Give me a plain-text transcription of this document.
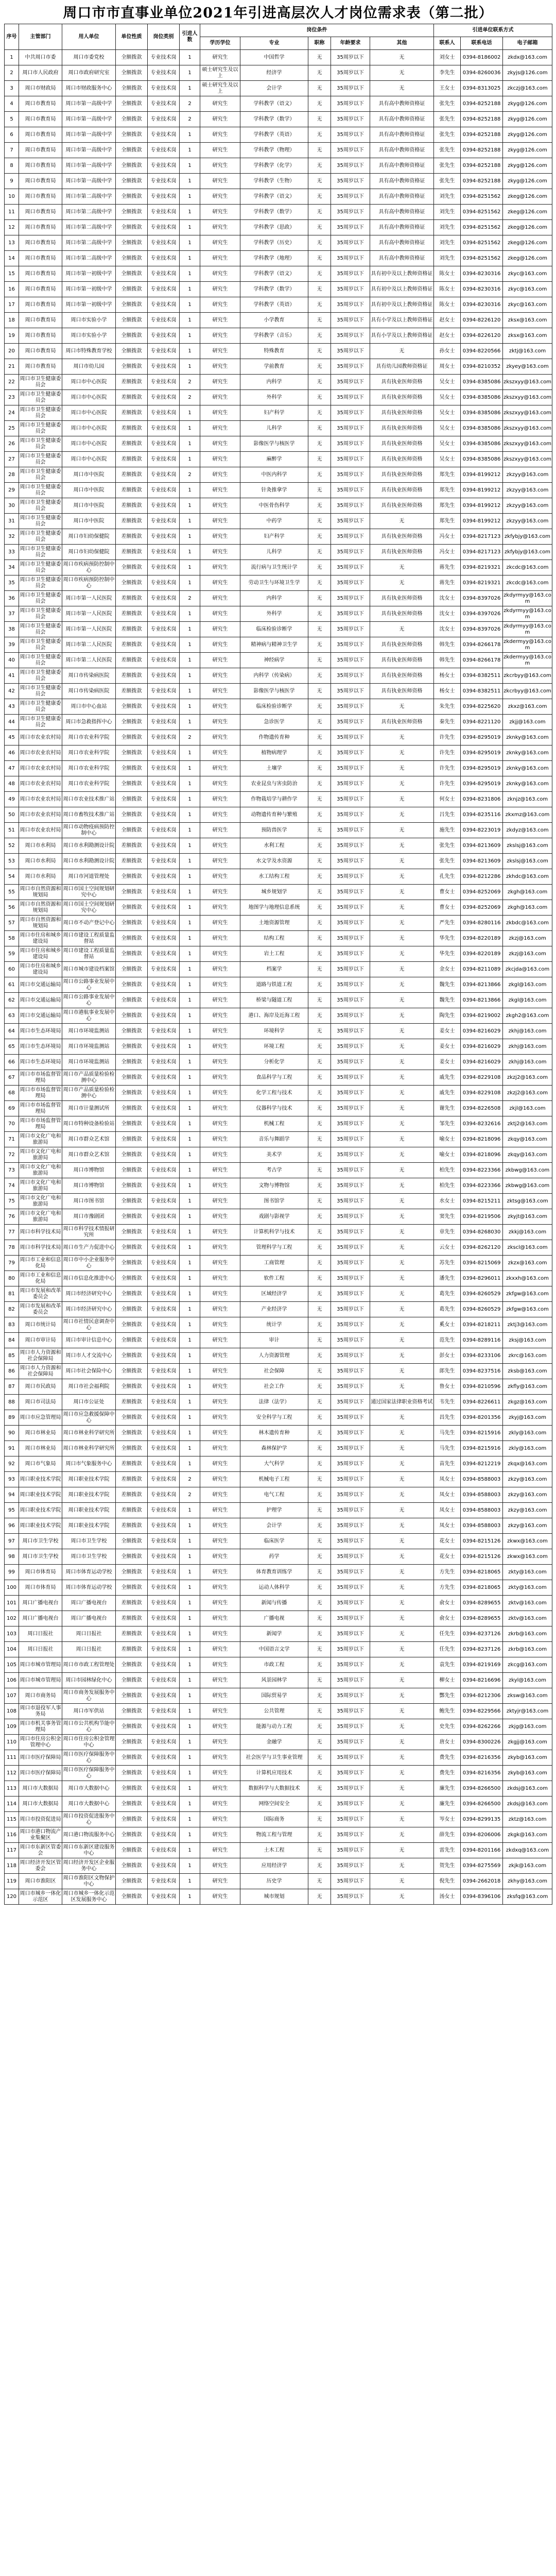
周口市市直事业单位2021年引进高层次人才岗位需求表（第二批）
序号	主管部门	用人单位	单位性质	岗位类别	引进人数	岗位条件					引进单位联系方式		
						学历学位	专业	职称	年龄要求	其他	联系人	联系电话	电子邮箱
1	中共周口市委	周口市委党校	全额拨款	专业技术岗	1	研究生	中国哲学	无	35周岁以下	无	刘女士	0394-8186002	zkdx@163.com
2	周口市人民政府	周口市政府研究室	全额拨款	专业技术岗	1	硕士研究生及以上	经济学	无	35周岁以下	无	李先生	0394-8260036	zkyjs@126.com
3	周口市财政局	周口市财政服务中心	全额拨款	专业技术岗	1	硕士研究生及以上	会计学	无	35周岁以下	无	王女士	0394-8313025	zkczj@163.com
4	周口市教育局	周口市第一高级中学	全额拨款	专业技术岗	2	研究生	学科教学（语文）	无	35周岁以下	具有高中教师资格证	张先生	0394-8252188	zkyg@126.com
5	周口市教育局	周口市第一高级中学	全额拨款	专业技术岗	2	研究生	学科教学（数学）	无	35周岁以下	具有高中教师资格证	张先生	0394-8252188	zkyg@126.com
6	周口市教育局	周口市第一高级中学	全额拨款	专业技术岗	1	研究生	学科教学（英语）	无	35周岁以下	具有高中教师资格证	张先生	0394-8252188	zkyg@126.com
7	周口市教育局	周口市第一高级中学	全额拨款	专业技术岗	1	研究生	学科教学（物理）	无	35周岁以下	具有高中教师资格证	张先生	0394-8252188	zkyg@126.com
8	周口市教育局	周口市第一高级中学	全额拨款	专业技术岗	1	研究生	学科教学（化学）	无	35周岁以下	具有高中教师资格证	张先生	0394-8252188	zkyg@126.com
9	周口市教育局	周口市第一高级中学	全额拨款	专业技术岗	1	研究生	学科教学（生物）	无	35周岁以下	具有高中教师资格证	张先生	0394-8252188	zkyg@126.com
10	周口市教育局	周口市第二高级中学	全额拨款	专业技术岗	1	研究生	学科教学（语文）	无	35周岁以下	具有高中教师资格证	刘先生	0394-8251562	zkeg@126.com
11	周口市教育局	周口市第二高级中学	全额拨款	专业技术岗	1	研究生	学科教学（数学）	无	35周岁以下	具有高中教师资格证	刘先生	0394-8251562	zkeg@126.com
12	周口市教育局	周口市第二高级中学	全额拨款	专业技术岗	1	研究生	学科教学（思政）	无	35周岁以下	具有高中教师资格证	刘先生	0394-8251562	zkeg@126.com
13	周口市教育局	周口市第二高级中学	全额拨款	专业技术岗	1	研究生	学科教学（历史）	无	35周岁以下	具有高中教师资格证	刘先生	0394-8251562	zkeg@126.com
14	周口市教育局	周口市第二高级中学	全额拨款	专业技术岗	1	研究生	学科教学（地理）	无	35周岁以下	具有高中教师资格证	刘先生	0394-8251562	zkeg@126.com
15	周口市教育局	周口市第一初级中学	全额拨款	专业技术岗	1	研究生	学科教学（语文）	无	35周岁以下	具有初中及以上教师资格证	陈女士	0394-8230316	zkyc@163.com
16	周口市教育局	周口市第一初级中学	全额拨款	专业技术岗	1	研究生	学科教学（数学）	无	35周岁以下	具有初中及以上教师资格证	陈女士	0394-8230316	zkyc@163.com
17	周口市教育局	周口市第一初级中学	全额拨款	专业技术岗	1	研究生	学科教学（英语）	无	35周岁以下	具有初中及以上教师资格证	陈女士	0394-8230316	zkyc@163.com
18	周口市教育局	周口市实验小学	全额拨款	专业技术岗	1	研究生	小学教育	无	35周岁以下	具有小学及以上教师资格证	赵女士	0394-8226120	zksx@163.com
19	周口市教育局	周口市实验小学	全额拨款	专业技术岗	1	研究生	学科教学（音乐）	无	35周岁以下	具有小学及以上教师资格证	赵女士	0394-8226120	zksx@163.com
20	周口市教育局	周口市特殊教育学校	全额拨款	专业技术岗	1	研究生	特殊教育	无	35周岁以下	无	孙女士	0394-8220566	zktj@163.com
21	周口市教育局	周口市幼儿园	全额拨款	专业技术岗	1	研究生	学前教育	无	35周岁以下	具有幼儿园教师资格证	周女士	0394-8210352	zkyey@163.com
22	周口市卫生健康委员会	周口市中心医院	差额拨款	专业技术岗	2	研究生	内科学	无	35周岁以下	具有执业医师资格	吴女士	0394-8385086	zkszxyy@163.com
23	周口市卫生健康委员会	周口市中心医院	差额拨款	专业技术岗	2	研究生	外科学	无	35周岁以下	具有执业医师资格	吴女士	0394-8385086	zkszxyy@163.com
24	周口市卫生健康委员会	周口市中心医院	差额拨款	专业技术岗	1	研究生	妇产科学	无	35周岁以下	具有执业医师资格	吴女士	0394-8385086	zkszxyy@163.com
25	周口市卫生健康委员会	周口市中心医院	差额拨款	专业技术岗	1	研究生	儿科学	无	35周岁以下	具有执业医师资格	吴女士	0394-8385086	zkszxyy@163.com
26	周口市卫生健康委员会	周口市中心医院	差额拨款	专业技术岗	1	研究生	影像医学与核医学	无	35周岁以下	具有执业医师资格	吴女士	0394-8385086	zkszxyy@163.com
27	周口市卫生健康委员会	周口市中心医院	差额拨款	专业技术岗	1	研究生	麻醉学	无	35周岁以下	具有执业医师资格	吴女士	0394-8385086	zkszxyy@163.com
28	周口市卫生健康委员会	周口市中医院	差额拨款	专业技术岗	2	研究生	中医内科学	无	35周岁以下	具有执业医师资格	郑先生	0394-8199212	zkzyy@163.com
29	周口市卫生健康委员会	周口市中医院	差额拨款	专业技术岗	1	研究生	针灸推拿学	无	35周岁以下	具有执业医师资格	郑先生	0394-8199212	zkzyy@163.com
30	周口市卫生健康委员会	周口市中医院	差额拨款	专业技术岗	1	研究生	中医骨伤科学	无	35周岁以下	具有执业医师资格	郑先生	0394-8199212	zkzyy@163.com
31	周口市卫生健康委员会	周口市中医院	差额拨款	专业技术岗	1	研究生	中药学	无	35周岁以下	无	郑先生	0394-8199212	zkzyy@163.com
32	周口市卫生健康委员会	周口市妇幼保健院	差额拨款	专业技术岗	1	研究生	妇产科学	无	35周岁以下	具有执业医师资格	冯女士	0394-8217123	zkfybjy@163.com
33	周口市卫生健康委员会	周口市妇幼保健院	差额拨款	专业技术岗	1	研究生	儿科学	无	35周岁以下	具有执业医师资格	冯女士	0394-8217123	zkfybjy@163.com
34	周口市卫生健康委员会	周口市疾病预防控制中心	全额拨款	专业技术岗	1	研究生	流行病与卫生统计学	无	35周岁以下	无	蒋先生	0394-8219321	zkcdc@163.com
35	周口市卫生健康委员会	周口市疾病预防控制中心	全额拨款	专业技术岗	1	研究生	劳动卫生与环境卫生学	无	35周岁以下	无	蒋先生	0394-8219321	zkcdc@163.com
36	周口市卫生健康委员会	周口市第一人民医院	差额拨款	专业技术岗	2	研究生	内科学	无	35周岁以下	具有执业医师资格	沈女士	0394-8397026	zkdyrmyy@163.com
37	周口市卫生健康委员会	周口市第一人民医院	差额拨款	专业技术岗	1	研究生	外科学	无	35周岁以下	具有执业医师资格	沈女士	0394-8397026	zkdyrmyy@163.com
38	周口市卫生健康委员会	周口市第一人民医院	差额拨款	专业技术岗	1	研究生	临床检验诊断学	无	35周岁以下	无	沈女士	0394-8397026	zkdyrmyy@163.com
39	周口市卫生健康委员会	周口市第二人民医院	差额拨款	专业技术岗	1	研究生	精神病与精神卫生学	无	35周岁以下	具有执业医师资格	韩先生	0394-8266178	zkdermyy@163.com
40	周口市卫生健康委员会	周口市第二人民医院	差额拨款	专业技术岗	1	研究生	神经病学	无	35周岁以下	具有执业医师资格	韩先生	0394-8266178	zkdermyy@163.com
41	周口市卫生健康委员会	周口市传染病医院	差额拨款	专业技术岗	1	研究生	内科学（传染病）	无	35周岁以下	具有执业医师资格	杨女士	0394-8382511	zkcrbyy@163.com
42	周口市卫生健康委员会	周口市传染病医院	差额拨款	专业技术岗	1	研究生	影像医学与核医学	无	35周岁以下	具有执业医师资格	杨女士	0394-8382511	zkcrbyy@163.com
43	周口市卫生健康委员会	周口市中心血站	全额拨款	专业技术岗	1	研究生	临床检验诊断学	无	35周岁以下	无	朱先生	0394-8225620	zkxz@163.com
44	周口市卫生健康委员会	周口市急救指挥中心	全额拨款	专业技术岗	1	研究生	急诊医学	无	35周岁以下	具有执业医师资格	秦先生	0394-8221120	zkjj@163.com
45	周口市农业农村局	周口市农业科学院	全额拨款	专业技术岗	2	研究生	作物遗传育种	无	35周岁以下	无	许先生	0394-8295019	zknky@163.com
46	周口市农业农村局	周口市农业科学院	全额拨款	专业技术岗	1	研究生	植物病理学	无	35周岁以下	无	许先生	0394-8295019	zknky@163.com
47	周口市农业农村局	周口市农业科学院	全额拨款	专业技术岗	1	研究生	土壤学	无	35周岁以下	无	许先生	0394-8295019	zknky@163.com
48	周口市农业农村局	周口市农业科学院	全额拨款	专业技术岗	1	研究生	农业昆虫与害虫防治	无	35周岁以下	无	许先生	0394-8295019	zknky@163.com
49	周口市农业农村局	周口市农业技术推广站	全额拨款	专业技术岗	1	研究生	作物栽培学与耕作学	无	35周岁以下	无	何女士	0394-8231806	zknjz@163.com
50	周口市农业农村局	周口市畜牧技术推广站	全额拨款	专业技术岗	1	研究生	动物遗传育种与繁殖	无	35周岁以下	无	吕先生	0394-8235116	zkxmz@163.com
51	周口市农业农村局	周口市动物疫病预防控制中心	全额拨款	专业技术岗	1	研究生	预防兽医学	无	35周岁以下	无	施先生	0394-8223019	zkdyz@163.com
52	周口市水利局	周口市水利勘测设计院	差额拨款	专业技术岗	1	研究生	水利工程	无	35周岁以下	无	张先生	0394-8213609	zkslsj@163.com
53	周口市水利局	周口市水利勘测设计院	差额拨款	专业技术岗	1	研究生	水文学及水资源	无	35周岁以下	无	张先生	0394-8213609	zkslsj@163.com
54	周口市水利局	周口市河道管理处	全额拨款	专业技术岗	1	研究生	水工结构工程	无	35周岁以下	无	孔先生	0394-8212286	zkhdc@163.com
55	周口市自然资源和规划局	周口市国土空间规划研究中心	全额拨款	专业技术岗	1	研究生	城乡规划学	无	35周岁以下	无	曹女士	0394-8252069	zkgh@163.com
56	周口市自然资源和规划局	周口市国土空间规划研究中心	全额拨款	专业技术岗	1	研究生	地图学与地理信息系统	无	35周岁以下	无	曹女士	0394-8252069	zkgh@163.com
57	周口市自然资源和规划局	周口市不动产登记中心	全额拨款	专业技术岗	1	研究生	土地资源管理	无	35周岁以下	无	严先生	0394-8280116	zkbdc@163.com
58	周口市住房和城乡建设局	周口市建设工程质量监督站	全额拨款	专业技术岗	1	研究生	结构工程	无	35周岁以下	无	华先生	0394-8220189	zkzj@163.com
59	周口市住房和城乡建设局	周口市建设工程质量监督站	全额拨款	专业技术岗	1	研究生	岩土工程	无	35周岁以下	无	华先生	0394-8220189	zkzj@163.com
60	周口市住房和城乡建设局	周口市城市建设档案馆	全额拨款	专业技术岗	1	研究生	档案学	无	35周岁以下	无	金女士	0394-8211089	zkcjda@163.com
61	周口市交通运输局	周口市公路事业发展中心	全额拨款	专业技术岗	1	研究生	道路与铁道工程	无	35周岁以下	无	魏先生	0394-8213866	zkgl@163.com
62	周口市交通运输局	周口市公路事业发展中心	全额拨款	专业技术岗	1	研究生	桥梁与隧道工程	无	35周岁以下	无	魏先生	0394-8213866	zkgl@163.com
63	周口市交通运输局	周口市港航事业发展中心	全额拨款	专业技术岗	1	研究生	港口、海岸及近海工程	无	35周岁以下	无	陶先生	0394-8219002	zkgh2@163.com
64	周口市生态环境局	周口市环境监测站	全额拨款	专业技术岗	1	研究生	环境科学	无	35周岁以下	无	姜女士	0394-8216029	zkhj@163.com
65	周口市生态环境局	周口市环境监测站	全额拨款	专业技术岗	1	研究生	环境工程	无	35周岁以下	无	姜女士	0394-8216029	zkhj@163.com
66	周口市生态环境局	周口市环境监测站	全额拨款	专业技术岗	1	研究生	分析化学	无	35周岁以下	无	姜女士	0394-8216029	zkhj@163.com
67	周口市市场监督管理局	周口市产品质量检验检测中心	全额拨款	专业技术岗	1	研究生	食品科学与工程	无	35周岁以下	无	戚先生	0394-8229108	zkzj2@163.com
68	周口市市场监督管理局	周口市产品质量检验检测中心	全额拨款	专业技术岗	1	研究生	化学工程与技术	无	35周岁以下	无	戚先生	0394-8229108	zkzj2@163.com
69	周口市市场监督管理局	周口市计量测试所	全额拨款	专业技术岗	1	研究生	仪器科学与技术	无	35周岁以下	无	谢先生	0394-8226508	zkjl@163.com
70	周口市市场监督管理局	周口市特种设备检验站	全额拨款	专业技术岗	1	研究生	机械工程	无	35周岁以下	无	邹先生	0394-8232616	zktj2@163.com
71	周口市文化广电和旅游局	周口市群众艺术馆	全额拨款	专业技术岗	1	研究生	音乐与舞蹈学	无	35周岁以下	无	喻女士	0394-8218096	zkqy@163.com
72	周口市文化广电和旅游局	周口市群众艺术馆	全额拨款	专业技术岗	1	研究生	美术学	无	35周岁以下	无	喻女士	0394-8218096	zkqy@163.com
73	周口市文化广电和旅游局	周口市博物馆	全额拨款	专业技术岗	1	研究生	考古学	无	35周岁以下	无	柏先生	0394-8223366	zkbwg@163.com
74	周口市文化广电和旅游局	周口市博物馆	全额拨款	专业技术岗	1	研究生	文物与博物馆	无	35周岁以下	无	柏先生	0394-8223366	zkbwg@163.com
75	周口市文化广电和旅游局	周口市图书馆	全额拨款	专业技术岗	1	研究生	图书馆学	无	35周岁以下	无	水女士	0394-8215211	zktsg@163.com
76	周口市文化广电和旅游局	周口市豫剧团	全额拨款	专业技术岗	1	研究生	戏剧与影视学	无	35周岁以下	无	窦先生	0394-8219506	zkyjt@163.com
77	周口市科学技术局	周口市科学技术情报研究所	全额拨款	专业技术岗	1	研究生	计算机科学与技术	无	35周岁以下	无	章先生	0394-8268030	zkkj@163.com
78	周口市科学技术局	周口市生产力促进中心	全额拨款	专业技术岗	1	研究生	管理科学与工程	无	35周岁以下	无	云女士	0394-8262120	zkscl@163.com
79	周口市工业和信息化局	周口市中小企业服务中心	全额拨款	专业技术岗	1	研究生	工商管理	无	35周岁以下	无	苏先生	0394-8215069	zkzx@163.com
80	周口市工业和信息化局	周口市信息化推进中心	全额拨款	专业技术岗	1	研究生	软件工程	无	35周岁以下	无	潘先生	0394-8296011	zkxxh@163.com
81	周口市发展和改革委员会	周口市经济研究中心	全额拨款	专业技术岗	1	研究生	区域经济学	无	35周岁以下	无	葛先生	0394-8260529	zkfgw@163.com
82	周口市发展和改革委员会	周口市经济研究中心	全额拨款	专业技术岗	1	研究生	产业经济学	无	35周岁以下	无	葛先生	0394-8260529	zkfgw@163.com
83	周口市统计局	周口市社情民意调查中心	全额拨款	专业技术岗	1	研究生	统计学	无	35周岁以下	无	奚女士	0394-8218211	zktj3@163.com
84	周口市审计局	周口市审计信息中心	全额拨款	专业技术岗	1	研究生	审计	无	35周岁以下	无	范先生	0394-8289116	zksj@163.com
85	周口市人力资源和社会保障局	周口市人才交流中心	全额拨款	专业技术岗	1	研究生	人力资源管理	无	35周岁以下	无	彭女士	0394-8233106	zkrc@163.com
86	周口市人力资源和社会保障局	周口市社会保险中心	全额拨款	专业技术岗	1	研究生	社会保障	无	35周岁以下	无	郎先生	0394-8237516	zksb@163.com
87	周口市民政局	周口市社会福利院	全额拨款	专业技术岗	1	研究生	社会工作	无	35周岁以下	无	鲁女士	0394-8210596	zkfly@163.com
88	周口市司法局	周口市公证处	差额拨款	专业技术岗	1	研究生	法律（法学）	无	35周岁以下	通过国家法律职业资格考试	韦先生	0394-8226611	zkgz@163.com
89	周口市应急管理局	周口市应急救援保障中心	全额拨款	专业技术岗	1	研究生	安全科学与工程	无	35周岁以下	无	昌先生	0394-8201356	zkyj@163.com
90	周口市林业局	周口市林业科学研究所	全额拨款	专业技术岗	1	研究生	林木遗传育种	无	35周岁以下	无	马先生	0394-8215916	zkly@163.com
91	周口市林业局	周口市林业科学研究所	全额拨款	专业技术岗	1	研究生	森林保护学	无	35周岁以下	无	马先生	0394-8215916	zkly@163.com
92	周口市气象局	周口市气象服务中心	差额拨款	专业技术岗	1	研究生	大气科学	无	35周岁以下	无	苗先生	0394-8212219	zkqx@163.com
93	周口职业技术学院	周口职业技术学院	差额拨款	专业技术岗	2	研究生	机械电子工程	无	35周岁以下	无	凤女士	0394-8588003	zkzy@163.com
94	周口职业技术学院	周口职业技术学院	差额拨款	专业技术岗	2	研究生	电气工程	无	35周岁以下	无	凤女士	0394-8588003	zkzy@163.com
95	周口职业技术学院	周口职业技术学院	差额拨款	专业技术岗	1	研究生	护理学	无	35周岁以下	无	凤女士	0394-8588003	zkzy@163.com
96	周口职业技术学院	周口职业技术学院	差额拨款	专业技术岗	1	研究生	会计学	无	35周岁以下	无	凤女士	0394-8588003	zkzy@163.com
97	周口市卫生学校	周口市卫生学校	全额拨款	专业技术岗	1	研究生	临床医学	无	35周岁以下	无	花女士	0394-8215126	zkwx@163.com
98	周口市卫生学校	周口市卫生学校	全额拨款	专业技术岗	1	研究生	药学	无	35周岁以下	无	花女士	0394-8215126	zkwx@163.com
99	周口市体育局	周口市体育运动学校	全额拨款	专业技术岗	1	研究生	体育教育训练学	无	35周岁以下	无	方先生	0394-8218065	zkty@163.com
100	周口市体育局	周口市体育运动学校	全额拨款	专业技术岗	1	研究生	运动人体科学	无	35周岁以下	无	方先生	0394-8218065	zkty@163.com
101	周口广播电视台	周口广播电视台	差额拨款	专业技术岗	1	研究生	新闻与传播	无	35周岁以下	无	俞女士	0394-8289655	zktv@163.com
102	周口广播电视台	周口广播电视台	差额拨款	专业技术岗	1	研究生	广播电视	无	35周岁以下	无	俞女士	0394-8289655	zktv@163.com
103	周口日报社	周口日报社	差额拨款	专业技术岗	1	研究生	新闻学	无	35周岁以下	无	任先生	0394-8237126	zkrb@163.com
104	周口日报社	周口日报社	差额拨款	专业技术岗	1	研究生	中国语言文学	无	35周岁以下	无	任先生	0394-8237126	zkrb@163.com
105	周口市城市管理局	周口市市政工程管理处	全额拨款	专业技术岗	1	研究生	市政工程	无	35周岁以下	无	袁先生	0394-8219169	zkcg@163.com
106	周口市城市管理局	周口市园林绿化中心	全额拨款	专业技术岗	1	研究生	风景园林学	无	35周岁以下	无	柳女士	0394-8216696	zkyl@163.com
107	周口市商务局	周口市商务发展服务中心	全额拨款	专业技术岗	1	研究生	国际贸易学	无	35周岁以下	无	酆先生	0394-8212306	zksw@163.com
108	周口市退役军人事务局	周口市军供站	全额拨款	专业技术岗	1	研究生	公共管理	无	35周岁以下	无	鲍先生	0394-8229566	zktyjr@163.com
109	周口市机关事务管理局	周口市公共机构节能中心	全额拨款	专业技术岗	1	研究生	能源与动力工程	无	35周岁以下	无	史先生	0394-8262266	zkjg@163.com
110	周口市住房公积金管理中心	周口市住房公积金管理中心	全额拨款	专业技术岗	1	研究生	金融学	无	35周岁以下	无	唐女士	0394-8300226	zkgjj@163.com
111	周口市医疗保障局	周口市医疗保障服务中心	全额拨款	专业技术岗	1	研究生	社会医学与卫生事业管理	无	35周岁以下	无	费先生	0394-8216356	zkyb@163.com
112	周口市医疗保障局	周口市医疗保障服务中心	全额拨款	专业技术岗	1	研究生	计算机应用技术	无	35周岁以下	无	费先生	0394-8216356	zkyb@163.com
113	周口市大数据局	周口市大数据中心	全额拨款	专业技术岗	1	研究生	数据科学与大数据技术	无	35周岁以下	无	廉先生	0394-8266500	zkdsj@163.com
114	周口市大数据局	周口市大数据中心	全额拨款	专业技术岗	1	研究生	网络空间安全	无	35周岁以下	无	廉先生	0394-8266500	zkdsj@163.com
115	周口市投资促进局	周口市投资促进服务中心	全额拨款	专业技术岗	1	研究生	国际商务	无	35周岁以下	无	岑女士	0394-8299135	zktz@163.com
116	周口市港口物流产业集聚区	周口港口物流服务中心	全额拨款	专业技术岗	1	研究生	物流工程与管理	无	35周岁以下	无	薛先生	0394-8206006	zkgk@163.com
117	周口市东新区管委会	周口市东新区建设服务中心	全额拨款	专业技术岗	1	研究生	土木工程	无	35周岁以下	无	雷先生	0394-8201166	zkdxq@163.com
118	周口经济开发区管委会	周口经济开发区企业服务中心	全额拨款	专业技术岗	1	研究生	应用经济学	无	35周岁以下	无	贺先生	0394-8275569	zkjk@163.com
119	周口市淮阳区	周口市淮阳区文物保护中心	全额拨款	专业技术岗	1	研究生	历史学	无	35周岁以下	无	倪先生	0394-2662018	zkhy@163.com
120	周口市城乡一体化示范区	周口市城乡一体化示范区发展服务中心	全额拨款	专业技术岗	1	研究生	城市规划	无	35周岁以下	无	汤女士	0394-8396106	zksfq@163.com
